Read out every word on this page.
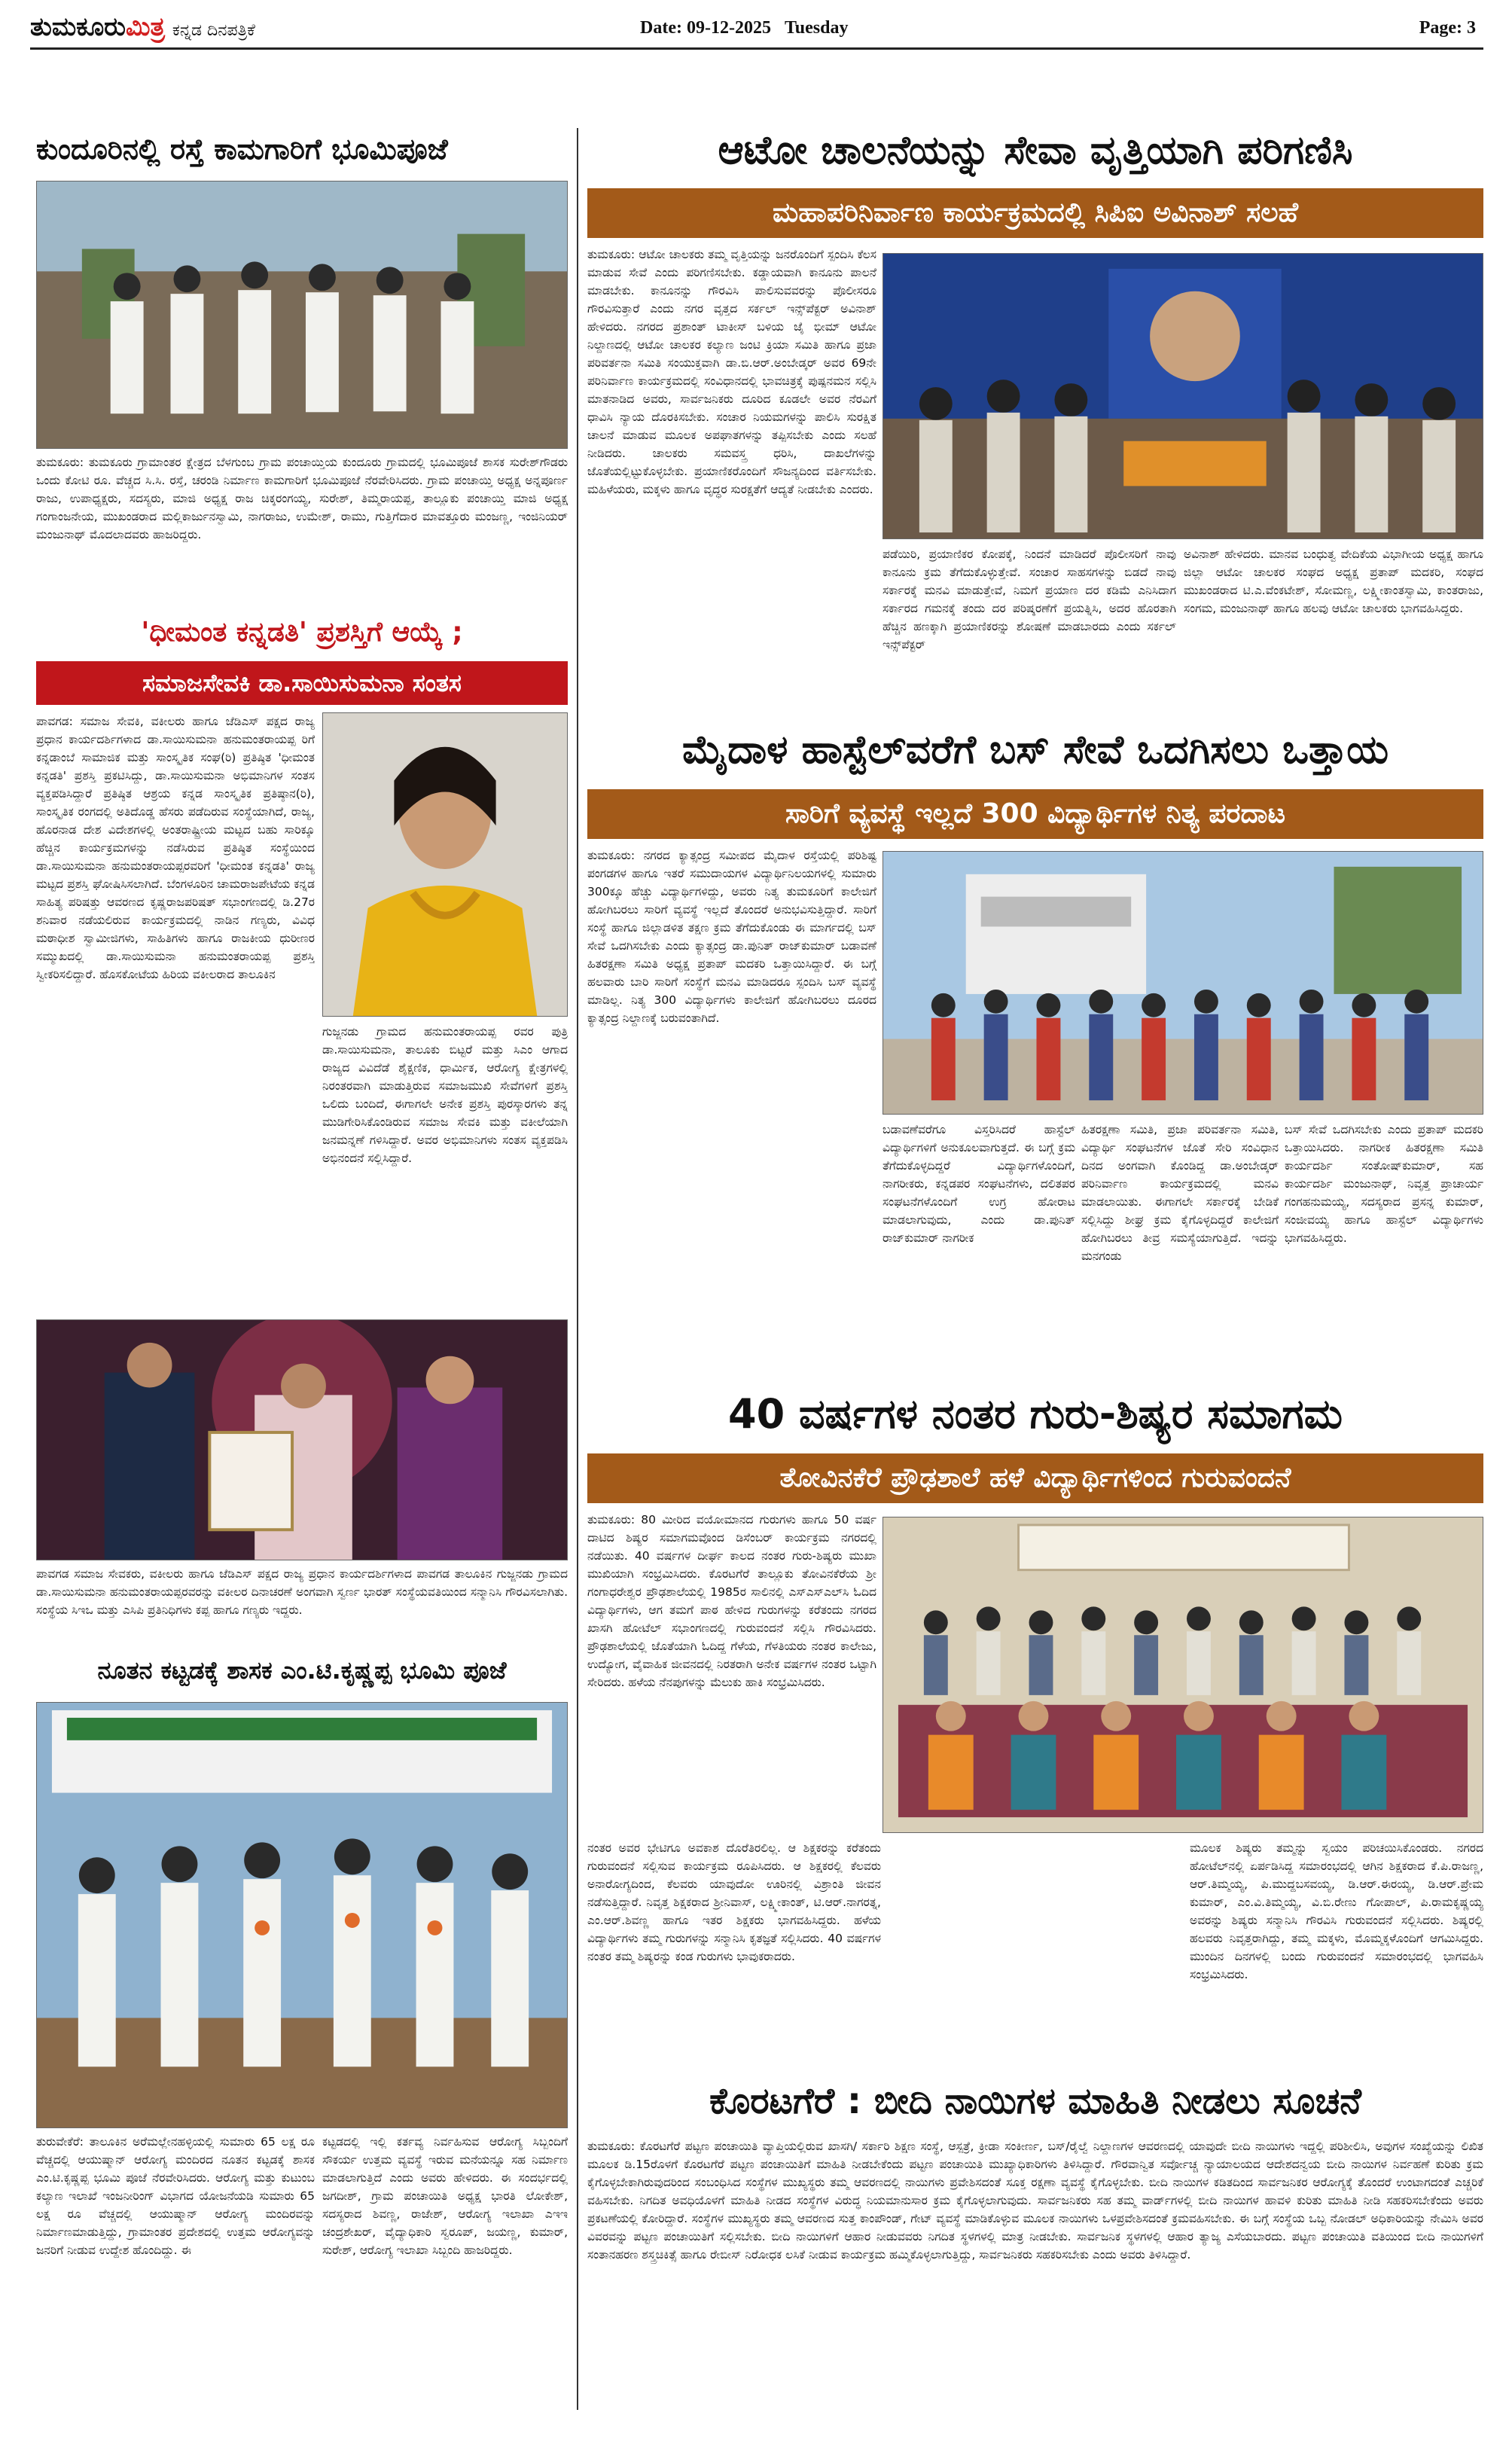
ತುಮಕೂರುಮಿತ್ರ ಕನ್ನಡ ದಿನಪತ್ರಿಕೆ	Date: 09-12-2025 Tuesday	Page: 3
ಕುಂದೂರಿನಲ್ಲಿ ರಸ್ತೆ ಕಾಮಗಾರಿಗೆ ಭೂಮಿಪೂಜೆ
ತುಮಕೂರು: ತುಮಕೂರು ಗ್ರಾಮಾಂತರ ಕ್ಷೇತ್ರದ ಬೆಳಗುಂಬ ಗ್ರಾಮ ಪಂಚಾಯ್ತಿಯ ಕುಂದೂರು ಗ್ರಾಮದಲ್ಲಿ ಭೂಮಿಪೂಜೆ ಶಾಸಕ ಸುರೇಶ್‌ಗೌಡರು ಒಂದು ಕೋಟಿ ರೂ. ವೆಚ್ಚದ ಸಿ.ಸಿ. ರಸ್ತೆ, ಚರಂಡಿ ನಿರ್ಮಾಣ ಕಾಮಗಾರಿಗೆ ಭೂಮಿಪೂಜೆ ನೆರವೇರಿಸಿದರು. ಗ್ರಾಮ ಪಂಚಾಯ್ತಿ ಅಧ್ಯಕ್ಷ ಅನ್ನಪೂರ್ಣ ರಾಜು, ಉಪಾಧ್ಯಕ್ಷರು, ಸದಸ್ಯರು, ಮಾಜಿ ಅಧ್ಯಕ್ಷ ರಾಜ ಚಿಕ್ಕರಂಗಯ್ಯ, ಸುರೇಶ್, ತಿಮ್ಮರಾಯಪ್ಪ, ತಾಲ್ಲೂಕು ಪಂಚಾಯ್ತಿ ಮಾಜಿ ಅಧ್ಯಕ್ಷ ಗಂಗಾಂಜನೇಯ, ಮುಖಂಡರಾದ ಮಲ್ಲಿಕಾರ್ಜುನಸ್ವಾಮಿ, ನಾಗರಾಜು, ಉಮೇಶ್, ರಾಮು, ಗುತ್ತಿಗೆದಾರ ಮಾವತ್ತೂರು ಮಂಜಣ್ಣ, ಇಂಜಿನಿಯರ್ ಮಂಜುನಾಥ್ ಮೊದಲಾದವರು ಹಾಜರಿದ್ದರು.
'ಧೀಮಂತ ಕನ್ನಡತಿ' ಪ್ರಶಸ್ತಿಗೆ ಆಯ್ಕೆ ;
ಸಮಾಜಸೇವಕಿ ಡಾ.ಸಾಯಿಸುಮನಾ ಸಂತಸ
ಪಾವಗಡ: ಸಮಾಜ ಸೇವಕಿ, ವಕೀಲರು ಹಾಗೂ ಜೆಡಿಎಸ್ ಪಕ್ಷದ ರಾಜ್ಯ ಪ್ರಧಾನ ಕಾರ್ಯದರ್ಶಿಗಳಾದ ಡಾ.ಸಾಯಿಸುಮನಾ ಹನುಮಂತರಾಯಪ್ಪ ರಿಗೆ ಕನ್ನಡಾಂಬೆ ಸಾಮಾಜಿಕ ಮತ್ತು ಸಾಂಸ್ಕೃತಿಕ ಸಂಘ(ರಿ) ಪ್ರತಿಷ್ಠಿತ 'ಧೀಮಂತ ಕನ್ನಡತಿ' ಪ್ರಶಸ್ತಿ ಪ್ರಕಟಿಸಿದ್ದು, ಡಾ.ಸಾಯಿಸುಮನಾ ಅಭಿಮಾನಿಗಳ ಸಂತಸ ವ್ಯಕ್ತಪಡಿಸಿದ್ದಾರೆ ಪ್ರತಿಷ್ಠಿತ ಆಶ್ರಯ ಕನ್ನಡ ಸಾಂಸ್ಕೃತಿಕ ಪ್ರತಿಷ್ಠಾನ(ರಿ), ಸಾಂಸ್ಕೃತಿಕ ರಂಗದಲ್ಲಿ ಅತಿದೊಡ್ಡ ಹೆಸರು ಪಡೆದಿರುವ ಸಂಸ್ಥೆಯಾಗಿದೆ, ರಾಜ್ಯ, ಹೊರನಾಡ ದೇಶ ವಿದೇಶಗಳಲ್ಲಿ ಅಂತರಾಷ್ಟ್ರೀಯ ಮಟ್ಟದ ಬಹು ಸಾರಿಕ್ಕೂ ಹೆಚ್ಚಿನ ಕಾರ್ಯಕ್ರಮಗಳನ್ನು ನಡೆಸಿರುವ ಪ್ರತಿಷ್ಠಿತ ಸಂಸ್ಥೆಯಿಂದ ಡಾ.ಸಾಯಿಸುಮನಾ ಹನುಮಂತರಾಯಪ್ಪರವರಿಗೆ 'ಧೀಮಂತ ಕನ್ನಡತಿ' ರಾಜ್ಯ ಮಟ್ಟದ ಪ್ರಶಸ್ತಿ ಘೋಷಿಸಿಸಲಾಗಿದೆ. ಬೆಂಗಳೂರಿನ ಚಾಮರಾಜಪೇಟೆಯ ಕನ್ನಡ ಸಾಹಿತ್ಯ ಪರಿಷತ್ತು ಆವರಣದ ಕೃಷ್ಣರಾಜಪರಿಷತ್ ಸಭಾಂಗಣದಲ್ಲಿ ಡಿ.27ರ ಶನಿವಾರ ನಡೆಯಲಿರುವ ಕಾರ್ಯಕ್ರಮದಲ್ಲಿ ನಾಡಿನ ಗಣ್ಯರು, ವಿವಿಧ ಮಠಾಧೀಶ ಸ್ವಾಮೀಜಿಗಳು, ಸಾಹಿತಿಗಳು ಹಾಗೂ ರಾಜಕೀಯ ಧುರೀಣರ ಸಮ್ಮುಖದಲ್ಲಿ ಡಾ.ಸಾಯಿಸುಮನಾ ಹನುಮಂತರಾಯಪ್ಪ ಪ್ರಶಸ್ತಿ ಸ್ವೀಕರಿಸಲಿದ್ದಾರೆ. ಹೊಸಕೋಟೆಯ ಹಿರಿಯ ವಕೀಲರಾದ ತಾಲೂಕಿನ
ಗುಜ್ಜನಡು ಗ್ರಾಮದ ಹನುಮಂತರಾಯಪ್ಪ ರವರ ಪುತ್ರಿ ಡಾ.ಸಾಯಿಸುಮನಾ, ತಾಲೂಕು ಬಿಟ್ಟರೆ ಮತ್ತು ಸಿಎಂ ಆಗಾದ ರಾಜ್ಯದ ವಿವಿದೆಡೆ ಶೈಕ್ಷಣಿಕ, ಧಾರ್ಮಿಕ, ಆರೋಗ್ಯ ಕ್ಷೇತ್ರಗಳಲ್ಲಿ ನಿರಂತರವಾಗಿ ಮಾಡುತ್ತಿರುವ ಸಮಾಜಮುಖಿ ಸೇವೆಗಳಿಗೆ ಪ್ರಶಸ್ತಿ ಒಲಿದು ಬಂದಿದೆ, ಈಗಾಗಲೇ ಅನೇಕ ಪ್ರಶಸ್ತಿ ಪುರಸ್ಕಾರಗಳು ತನ್ನ ಮುಡಿಗೇರಿಸಿಕೊಂಡಿರುವ ಸಮಾಜ ಸೇವಕಿ ಮತ್ತು ವಕೀಲೆಯಾಗಿ ಜನಮನ್ನಣೆ ಗಳಿಸಿದ್ದಾರೆ. ಅವರ ಅಭಿಮಾನಿಗಳು ಸಂತಸ ವ್ಯಕ್ತಪಡಿಸಿ ಅಭಿನಂದನೆ ಸಲ್ಲಿಸಿದ್ದಾರೆ.
ಪಾವಗಡ ಸಮಾಜ ಸೇವಕರು, ವಕೀಲರು ಹಾಗೂ ಜೆಡಿಎಸ್ ಪಕ್ಷದ ರಾಜ್ಯ ಪ್ರಧಾನ ಕಾರ್ಯದರ್ಶಿಗಳಾದ ಪಾವಗಡ ತಾಲೂಕಿನ ಗುಜ್ಜನಡು ಗ್ರಾಮದ ಡಾ.ಸಾಯಿಸುಮನಾ ಹನುಮಂತರಾಯಪ್ಪರವರನ್ನು ವಕೀಲರ ದಿನಾಚರಣೆ ಅಂಗವಾಗಿ ಸ್ವರ್ಣ ಭಾರತ್ ಸಂಸ್ಥೆಯವತಿಯಿಂದ ಸನ್ಮಾನಿಸಿ ಗೌರವಿಸಲಾಗಿತು. ಸಂಸ್ಥೆಯ ಸಿಇಒ ಮತ್ತು ಎಸಿಪಿ ಪ್ರತಿನಿಧಿಗಳು ಕಪ್ಪ ಹಾಗೂ ಗಣ್ಯರು ಇದ್ದರು.
ನೂತನ ಕಟ್ಟಡಕ್ಕೆ ಶಾಸಕ ಎಂ.ಟಿ.ಕೃಷ್ಣಪ್ಪ ಭೂಮಿ ಪೂಜೆ
ತುರುವೇಕೆರೆ: ತಾಲೂಕಿನ ಅರೆಮಲ್ಲೇನಹಳ್ಳಿಯಲ್ಲಿ ಸುಮಾರು 65 ಲಕ್ಷ ರೂ ವೆಚ್ಚದಲ್ಲಿ ಆಯುಷ್ಮಾನ್ ಆರೋಗ್ಯ ಮಂದಿರದ ನೂತನ ಕಟ್ಟಡಕ್ಕೆ ಶಾಸಕ ಎಂ.ಟಿ.ಕೃಷ್ಣಪ್ಪ ಭೂಮಿ ಪೂಜೆ ನೆರವೇರಿಸಿದರು. ಆರೋಗ್ಯ ಮತ್ತು ಕುಟುಂಬ ಕಲ್ಯಾಣ ಇಲಾಖೆ ಇಂಜನೀರಿಂಗ್ ವಿಭಾಗದ ಯೋಜನೆಯಡಿ ಸುಮಾರು 65 ಲಕ್ಷ ರೂ ವೆಚ್ಚದಲ್ಲಿ ಆಯುಷ್ಮಾನ್ ಆರೋಗ್ಯ ಮಂದಿರವನ್ನು ನಿರ್ಮಾಣಮಾಡುತ್ತಿದ್ದು, ಗ್ರಾಮಾಂತರ ಪ್ರದೇಶದಲ್ಲಿ ಉತ್ತಮ ಆರೋಗ್ಯವನ್ನು ಜನರಿಗೆ ನೀಡುವ ಉದ್ದೇಶ ಹೊಂದಿದ್ದು. ಈ
ಕಟ್ಟಡದಲ್ಲಿ ಇಲ್ಲಿ ಕರ್ತವ್ಯ ನಿರ್ವಹಿಸುವ ಆರೋಗ್ಯ ಸಿಬ್ಬಂದಿಗೆ ಸೌಕರ್ಯ ಉತ್ತಮ ವ್ಯವಸ್ಥೆ ಇರುವ ಮನೆಯನ್ನೂ ಸಹ ನಿರ್ಮಾಣ ಮಾಡಲಾಗುತ್ತಿದೆ ಎಂದು ಅವರು ಹೇಳಿದರು. ಈ ಸಂದರ್ಭದಲ್ಲಿ ಜಗದೀಶ್, ಗ್ರಾಮ ಪಂಚಾಯಿತಿ ಅಧ್ಯಕ್ಷ ಭಾರತಿ ಲೋಕೇಶ್, ಸದಸ್ಯರಾದ ಶಿವಣ್ಣ, ರಾಜೇಶ್, ಆರೋಗ್ಯ ಇಲಾಖಾ ಎಇಇ ಚಂದ್ರಶೇಖರ್, ವೈದ್ಯಾಧಿಕಾರಿ ಸ್ವರೂಪ್, ಜಯಣ್ಣ, ಕುಮಾರ್, ಸುರೇಶ್, ಆರೋಗ್ಯ ಇಲಾಖಾ ಸಿಬ್ಬಂದಿ ಹಾಜರಿದ್ದರು.
ಆಟೋ ಚಾಲನೆಯನ್ನು ಸೇವಾ ವೃತ್ತಿಯಾಗಿ ಪರಿಗಣಿಸಿ
ಮಹಾಪರಿನಿರ್ವಾಣ ಕಾರ್ಯಕ್ರಮದಲ್ಲಿ ಸಿಪಿಐ ಅವಿನಾಶ್ ಸಲಹೆ
ತುಮಕೂರು: ಆಟೋ ಚಾಲಕರು ತಮ್ಮ ವೃತ್ತಿಯನ್ನು ಜನರೊಂದಿಗೆ ಸ್ಪಂದಿಸಿ ಕೆಲಸ ಮಾಡುವ ಸೇವೆ ಎಂದು ಪರಿಗಣಿಸಬೇಕು. ಕಡ್ಡಾಯವಾಗಿ ಕಾನೂನು ಪಾಲನೆ ಮಾಡಬೇಕು. ಕಾನೂನನ್ನು ಗೌರವಿಸಿ ಪಾಲಿಸುವವರನ್ನು ಪೊಲೀಸರೂ ಗೌರವಿಸುತ್ತಾರೆ ಎಂದು ನಗರ ವೃತ್ತದ ಸರ್ಕಲ್ ಇನ್ಸ್‌ಪೆಕ್ಟರ್ ಅವಿನಾಶ್ ಹೇಳಿದರು. ನಗರದ ಪ್ರಶಾಂತ್ ಟಾಕೀಸ್ ಬಳಿಯ ಜೈ ಭೀಮ್ ಆಟೋ ನಿಲ್ದಾಣದಲ್ಲಿ ಆಟೋ ಚಾಲಕರ ಕಲ್ಯಾಣ ಜಂಟಿ ಕ್ರಿಯಾ ಸಮಿತಿ ಹಾಗೂ ಪ್ರಜಾ ಪರಿವರ್ತನಾ ಸಮಿತಿ ಸಂಯುಕ್ತವಾಗಿ ಡಾ.ಬಿ.ಆರ್.ಅಂಬೇಡ್ಕರ್ ಅವರ 69ನೇ ಪರಿನಿರ್ವಾಣ ಕಾರ್ಯಕ್ರಮದಲ್ಲಿ ಸಂವಿಧಾನದಲ್ಲಿ ಭಾವಚಿತ್ರಕ್ಕೆ ಪುಷ್ಪನಮನ ಸಲ್ಲಿಸಿ ಮಾತನಾಡಿದ ಅವರು, ಸಾರ್ವಜನಿಕರು ದೂರಿದ ಕೂಡಲೇ ಅವರ ನೆರವಿಗೆ ಧಾವಿಸಿ ನ್ಯಾಯ ದೊರಕಿಸಬೇಕು. ಸಂಚಾರ ನಿಯಮಗಳನ್ನು ಪಾಲಿಸಿ ಸುರಕ್ಷಿತ ಚಾಲನೆ ಮಾಡುವ ಮೂಲಕ ಅಪಘಾತಗಳನ್ನು ತಪ್ಪಿಸಬೇಕು ಎಂದು ಸಲಹೆ ನೀಡಿದರು. ಚಾಲಕರು ಸಮವಸ್ತ್ರ ಧರಿಸಿ, ದಾಖಲೆಗಳನ್ನು ಜೊತೆಯಲ್ಲಿಟ್ಟುಕೊಳ್ಳಬೇಕು. ಪ್ರಯಾಣಿಕರೊಂದಿಗೆ ಸೌಜನ್ಯದಿಂದ ವರ್ತಿಸಬೇಕು. ಮಹಿಳೆಯರು, ಮಕ್ಕಳು ಹಾಗೂ ವೃದ್ಧರ ಸುರಕ್ಷತೆಗೆ ಆದ್ಯತೆ ನೀಡಬೇಕು ಎಂದರು.
ಪಡೆಯಿರಿ, ಪ್ರಯಾಣಿಕರ ಕೋಪಕ್ಕೆ, ನಿಂದನೆ ಮಾಡಿದರೆ ಪೊಲೀಸರಿಗೆ ನಾವು ಕಾನೂನು ಕ್ರಮ ತೆಗೆದುಕೊಳ್ಳುತ್ತೇವೆ. ಸಂಚಾರ ಸಾಹಸಗಳನ್ನು ಬಿಡದೆ ನಾವು ಸರ್ಕಾರಕ್ಕೆ ಮನವಿ ಮಾಡುತ್ತೇವೆ, ನಿಮಗೆ ಪ್ರಯಾಣ ದರ ಕಡಿಮೆ ಎನಿಸಿದಾಗ ಸರ್ಕಾರದ ಗಮನಕ್ಕೆ ತಂದು ದರ ಪರಿಷ್ಕರಣೆಗೆ ಪ್ರಯತ್ನಿಸಿ, ಅದರ ಹೊರತಾಗಿ ಹೆಚ್ಚಿನ ಹಣಕ್ಕಾಗಿ ಪ್ರಯಾಣಿಕರನ್ನು ಶೋಷಣೆ ಮಾಡಬಾರದು ಎಂದು ಸರ್ಕಲ್ ಇನ್ಸ್‌ಪೆಕ್ಟರ್
ಅವಿನಾಶ್ ಹೇಳಿದರು. ಮಾನವ ಬಂಧುತ್ವ ವೇದಿಕೆಯ ವಿಭಾಗೀಯ ಅಧ್ಯಕ್ಷ ಹಾಗೂ ಜಿಲ್ಲಾ ಆಟೋ ಚಾಲಕರ ಸಂಘದ ಅಧ್ಯಕ್ಷ ಪ್ರತಾಪ್ ಮದಕರಿ, ಸಂಘದ ಮುಖಂಡರಾದ ಟಿ.ಎ.ವೆಂಕಟೇಶ್, ಸೋಮಣ್ಣ, ಲಕ್ಷ್ಮೀಕಾಂತಸ್ವಾಮಿ, ಕಾಂತರಾಜು, ಸಂಗಮ, ಮಂಜುನಾಥ್ ಹಾಗೂ ಹಲವು ಆಟೋ ಚಾಲಕರು ಭಾಗವಹಿಸಿದ್ದರು.
ಮೈದಾಳ ಹಾಸ್ಟೆಲ್‌ವರೆಗೆ ಬಸ್ ಸೇವೆ ಒದಗಿಸಲು ಒತ್ತಾಯ
ಸಾರಿಗೆ ವ್ಯವಸ್ಥೆ ಇಲ್ಲದೆ 300 ವಿದ್ಯಾರ್ಥಿಗಳ ನಿತ್ಯ ಪರದಾಟ
ತುಮಕೂರು: ನಗರದ ಕ್ಯಾತ್ಸಂದ್ರ ಸಮೀಪದ ಮೈದಾಳ ರಸ್ತೆಯಲ್ಲಿ ಪರಿಶಿಷ್ಟ ಪಂಗಡಗಳ ಹಾಗೂ ಇತರೆ ಸಮುದಾಯಗಳ ವಿದ್ಯಾರ್ಥಿನಿಲಯಗಳಲ್ಲಿ ಸುಮಾರು 300ಕ್ಕೂ ಹೆಚ್ಚು ವಿದ್ಯಾರ್ಥಿಗಳಿದ್ದು, ಅವರು ನಿತ್ಯ ತುಮಕೂರಿಗೆ ಕಾಲೇಜಿಗೆ ಹೋಗಿಬರಲು ಸಾರಿಗೆ ವ್ಯವಸ್ಥೆ ಇಲ್ಲದೆ ತೊಂದರೆ ಅನುಭವಿಸುತ್ತಿದ್ದಾರೆ. ಸಾರಿಗೆ ಸಂಸ್ಥೆ ಹಾಗೂ ಜಿಲ್ಲಾಡಳಿತ ತಕ್ಷಣ ಕ್ರಮ ತೆಗೆದುಕೊಂಡು ಈ ಮಾರ್ಗದಲ್ಲಿ ಬಸ್ ಸೇವೆ ಒದಗಿಸಬೇಕು ಎಂದು ಕ್ಯಾತ್ಸಂದ್ರ ಡಾ.ಪುನಿತ್ ರಾಜ್‌ಕುಮಾರ್ ಬಡಾವಣೆ ಹಿತರಕ್ಷಣಾ ಸಮಿತಿ ಅಧ್ಯಕ್ಷ ಪ್ರತಾಪ್ ಮದಕರಿ ಒತ್ತಾಯಿಸಿದ್ದಾರೆ. ಈ ಬಗ್ಗೆ ಹಲವಾರು ಬಾರಿ ಸಾರಿಗೆ ಸಂಸ್ಥೆಗೆ ಮನವಿ ಮಾಡಿದರೂ ಸ್ಪಂದಿಸಿ ಬಸ್ ವ್ಯವಸ್ಥೆ ಮಾಡಿಲ್ಲ. ನಿತ್ಯ 300 ವಿದ್ಯಾರ್ಥಿಗಳು ಕಾಲೇಜಿಗೆ ಹೋಗಿಬರಲು ದೂರದ ಕ್ಯಾತ್ಸಂದ್ರ ನಿಲ್ದಾಣಕ್ಕೆ ಬರುವಂತಾಗಿದೆ.
ಬಡಾವಣೆವರೆಗೂ ವಿಸ್ತರಿಸಿದರೆ ಹಾಸ್ಟೆಲ್ ವಿದ್ಯಾರ್ಥಿಗಳಿಗೆ ಅನುಕೂಲವಾಗುತ್ತದೆ. ಈ ಬಗ್ಗೆ ಕ್ರಮ ತೆಗೆದುಕೊಳ್ಳದಿದ್ದರೆ ವಿದ್ಯಾರ್ಥಿಗಳೊಂದಿಗೆ, ನಾಗರೀಕರು, ಕನ್ನಡಪರ ಸಂಘಟನೆಗಳು, ದಲಿತಪರ ಸಂಘಟನೆಗಳೊಂದಿಗೆ ಉಗ್ರ ಹೋರಾಟ ಮಾಡಲಾಗುವುದು, ಎಂದು ಡಾ.ಪುನಿತ್ ರಾಜ್‌ಕುಮಾರ್ ನಾಗರೀಕ
ಹಿತರಕ್ಷಣಾ ಸಮಿತಿ, ಪ್ರಜಾ ಪರಿವರ್ತನಾ ಸಮಿತಿ, ವಿದ್ಯಾರ್ಥಿ ಸಂಘಟನೆಗಳ ಜೊತೆ ಸೇರಿ ಸಂವಿಧಾನ ದಿನದ ಅಂಗವಾಗಿ ಕೊಂಡಿದ್ದ ಡಾ.ಅಂಬೇಡ್ಕರ್ ಪರಿನಿರ್ವಾಣ ಕಾರ್ಯಕ್ರಮದಲ್ಲಿ ಮನವಿ ಮಾಡಲಾಯಿತು. ಈಗಾಗಲೇ ಸರ್ಕಾರಕ್ಕೆ ಬೇಡಿಕೆ ಸಲ್ಲಿಸಿದ್ದು ಶೀಘ್ರ ಕ್ರಮ ಕೈಗೊಳ್ಳದಿದ್ದರೆ ಕಾಲೇಜಿಗೆ ಹೋಗಿಬರಲು ತೀವ್ರ ಸಮಸ್ಯೆಯಾಗುತ್ತಿದೆ. ಇದನ್ನು ಮನಗಂಡು
ಬಸ್ ಸೇವೆ ಒದಗಿಸಬೇಕು ಎಂದು ಪ್ರತಾಪ್ ಮದಕರಿ ಒತ್ತಾಯಿಸಿದರು. ನಾಗರೀಕ ಹಿತರಕ್ಷಣಾ ಸಮಿತಿ ಕಾರ್ಯದರ್ಶಿ ಸಂತೋಷ್‌ಕುಮಾರ್, ಸಹ ಕಾರ್ಯದರ್ಶಿ ಮಂಜುನಾಥ್, ನಿವೃತ್ತ ಪ್ರಾಚಾರ್ಯ ಗಂಗಹನುಮಯ್ಯ, ಸದಸ್ಯರಾದ ಪ್ರಸನ್ನ ಕುಮಾರ್, ಸಂಜೀವಯ್ಯ ಹಾಗೂ ಹಾಸ್ಟೆಲ್ ವಿದ್ಯಾರ್ಥಿಗಳು ಭಾಗವಹಿಸಿದ್ದರು.
40 ವರ್ಷಗಳ ನಂತರ ಗುರು-ಶಿಷ್ಯರ ಸಮಾಗಮ
ತೋವಿನಕೆರೆ ಪ್ರೌಢಶಾಲೆ ಹಳೆ ವಿದ್ಯಾರ್ಥಿಗಳಿಂದ ಗುರುವಂದನೆ
ತುಮಕೂರು: 80 ಮೀರಿದ ವಯೋಮಾನದ ಗುರುಗಳು ಹಾಗೂ 50 ವರ್ಷ ದಾಟಿದ ಶಿಷ್ಯರ ಸಮಾಗಮವೊಂದ ಡಿಸೆಂಬರ್ ಕಾರ್ಯಕ್ರಮ ನಗರದಲ್ಲಿ ನಡೆಯಿತು. 40 ವರ್ಷಗಳ ದೀರ್ಘ ಕಾಲದ ನಂತರ ಗುರು-ಶಿಷ್ಯರು ಮುಖಾ ಮುಖಿಯಾಗಿ ಸಂಭ್ರಮಿಸಿದರು. ಕೊರಟಗೆರೆ ತಾಲ್ಲೂಕು ತೋವಿನಕೆರೆಯ ಶ್ರೀ ಗಂಗಾಧರೇಶ್ವರ ಪ್ರೌಢಶಾಲೆಯಲ್ಲಿ 1985ರ ಸಾಲಿನಲ್ಲಿ ಎಸ್‌ಎಸ್‌ಎಲ್‌ಸಿ ಓದಿದ ವಿದ್ಯಾರ್ಥಿಗಳು, ಆಗ ತಮಗೆ ಪಾಠ ಹೇಳಿದ ಗುರುಗಳನ್ನು ಕರೆತಂದು ನಗರದ ಖಾಸಗಿ ಹೋಟೆಲ್ ಸಭಾಂಗಣದಲ್ಲಿ ಗುರುವಂದನೆ ಸಲ್ಲಿಸಿ ಗೌರವಿಸಿದರು. ಪ್ರೌಢಶಾಲೆಯಲ್ಲಿ ಜೊತೆಯಾಗಿ ಓದಿದ್ದ ಗೆಳೆಯ, ಗೆಳತಿಯರು ನಂತರ ಕಾಲೇಜು, ಉದ್ಯೋಗ, ವೈವಾಹಿಕ ಜೀವನದಲ್ಲಿ ನಿರತರಾಗಿ ಅನೇಕ ವರ್ಷಗಳ ನಂತರ ಒಟ್ಟಾಗಿ ಸೇರಿದರು. ಹಳೆಯ ನೆನಪುಗಳನ್ನು ಮೆಲುಕು ಹಾಕಿ ಸಂಭ್ರಮಿಸಿದರು.
ನಂತರ ಅವರ ಭೇಟಿಗೂ ಅವಕಾಶ ದೊರೆತಿರಲಿಲ್ಲ. ಆ ಶಿಕ್ಷಕರನ್ನು ಕರೆತಂದು ಗುರುವಂದನೆ ಸಲ್ಲಿಸುವ ಕಾರ್ಯಕ್ರಮ ರೂಪಿಸಿದರು. ಆ ಶಿಕ್ಷಕರಲ್ಲಿ ಕೆಲವರು ಅನಾರೋಗ್ಯದಿಂದ, ಕೆಲವರು ಯಾವುದೋ ಊರಿನಲ್ಲಿ ವಿಶ್ರಾಂತಿ ಜೀವನ ನಡೆಸುತ್ತಿದ್ದಾರೆ. ನಿವೃತ್ತ ಶಿಕ್ಷಕರಾದ ಶ್ರೀನಿವಾಸ್, ಲಕ್ಷ್ಮೀಕಾಂತ್, ಟಿ.ಆರ್.ನಾಗರತ್ನ, ಎಂ.ಆರ್.ಶಿವಣ್ಣ ಹಾಗೂ ಇತರ ಶಿಕ್ಷಕರು ಭಾಗವಹಿಸಿದ್ದರು. ಹಳೆಯ ವಿದ್ಯಾರ್ಥಿಗಳು ತಮ್ಮ ಗುರುಗಳನ್ನು ಸನ್ಮಾನಿಸಿ ಕೃತಜ್ಞತೆ ಸಲ್ಲಿಸಿದರು. 40 ವರ್ಷಗಳ ನಂತರ ತಮ್ಮ ಶಿಷ್ಯರನ್ನು ಕಂಡ ಗುರುಗಳು ಭಾವುಕರಾದರು.
ಮೂಲಕ ಶಿಷ್ಯರು ತಮ್ಮನ್ನು ಸ್ವಯಂ ಪರಿಚಯಿಸಿಕೊಂಡರು. ನಗರದ ಹೋಟೆಲ್‌ನಲ್ಲಿ ಏರ್ಪಡಿಸಿದ್ದ ಸಮಾರಂಭದಲ್ಲಿ ಆಗಿನ ಶಿಕ್ಷಕರಾದ ಕೆ.ಪಿ.ರಾಜಣ್ಣ, ಆರ್.ತಿಮ್ಮಯ್ಯ, ಪಿ.ಮುದ್ದಬಸವಯ್ಯ, ಡಿ.ಆರ್.ಈರಯ್ಯ, ಡಿ.ಆರ್.ಪ್ರೇಮ ಕುಮಾರ್, ಎಂ.ವಿ.ತಿಮ್ಮಯ್ಯ, ವಿ.ಬಿ.ರೇಣು ಗೋಪಾಲ್, ಪಿ.ರಾಮಕೃಷ್ಣಯ್ಯ ಅವರನ್ನು ಶಿಷ್ಯರು ಸನ್ಮಾನಿಸಿ ಗೌರವಿಸಿ ಗುರುವಂದನೆ ಸಲ್ಲಿಸಿದರು. ಶಿಷ್ಯರಲ್ಲಿ ಹಲವರು ನಿವೃತ್ತರಾಗಿದ್ದು, ತಮ್ಮ ಮಕ್ಕಳು, ಮೊಮ್ಮಕ್ಕಳೊಂದಿಗೆ ಆಗಮಿಸಿದ್ದರು. ಮುಂದಿನ ದಿನಗಳಲ್ಲಿ ಬಂದು ಗುರುವಂದನೆ ಸಮಾರಂಭದಲ್ಲಿ ಭಾಗವಹಿಸಿ ಸಂಭ್ರಮಿಸಿದರು.
ಕೊರಟಗೆರೆ : ಬೀದಿ ನಾಯಿಗಳ ಮಾಹಿತಿ ನೀಡಲು ಸೂಚನೆ
ತುಮಕೂರು: ಕೊರಟಗೆರೆ ಪಟ್ಟಣ ಪಂಚಾಯಿತಿ ವ್ಯಾಪ್ತಿಯಲ್ಲಿರುವ ಖಾಸಗಿ/ ಸರ್ಕಾರಿ ಶಿಕ್ಷಣ ಸಂಸ್ಥೆ, ಆಸ್ಪತ್ರೆ, ಕ್ರೀಡಾ ಸಂಕೀರ್ಣ, ಬಸ್/ರೈಲ್ವೆ ನಿಲ್ದಾಣಗಳ ಆವರಣದಲ್ಲಿ ಯಾವುದೇ ಬೀದಿ ನಾಯಿಗಳು ಇದ್ದಲ್ಲಿ ಪರಿಶೀಲಿಸಿ, ಅವುಗಳ ಸಂಖ್ಯೆಯನ್ನು ಲಿಖಿತ ಮೂಲಕ ಡಿ.15ರೊಳಗೆ ಕೊರಟಗೆರೆ ಪಟ್ಟಣ ಪಂಚಾಯಿತಿಗೆ ಮಾಹಿತಿ ನೀಡಬೇಕೆಂದು ಪಟ್ಟಣ ಪಂಚಾಯಿತಿ ಮುಖ್ಯಾಧಿಕಾರಿಗಳು ತಿಳಿಸಿದ್ದಾರೆ. ಗೌರವಾನ್ವಿತ ಸರ್ವೋಚ್ಚ ನ್ಯಾಯಾಲಯದ ಆದೇಶದನ್ವಯ ಬೀದಿ ನಾಯಿಗಳ ನಿರ್ವಹಣೆ ಕುರಿತು ಕ್ರಮ ಕೈಗೊಳ್ಳಬೇಕಾಗಿರುವುದರಿಂದ ಸಂಬಂಧಿಸಿದ ಸಂಸ್ಥೆಗಳ ಮುಖ್ಯಸ್ಥರು ತಮ್ಮ ಆವರಣದಲ್ಲಿ ನಾಯಿಗಳು ಪ್ರವೇಶಿಸದಂತೆ ಸೂಕ್ತ ರಕ್ಷಣಾ ವ್ಯವಸ್ಥೆ ಕೈಗೊಳ್ಳಬೇಕು. ಬೀದಿ ನಾಯಿಗಳ ಕಡಿತದಿಂದ ಸಾರ್ವಜನಿಕರ ಆರೋಗ್ಯಕ್ಕೆ ತೊಂದರೆ ಉಂಟಾಗದಂತೆ ಎಚ್ಚರಿಕೆ ವಹಿಸಬೇಕು. ನಿಗದಿತ ಅವಧಿಯೊಳಗೆ ಮಾಹಿತಿ ನೀಡದ ಸಂಸ್ಥೆಗಳ ವಿರುದ್ಧ ನಿಯಮಾನುಸಾರ ಕ್ರಮ ಕೈಗೊಳ್ಳಲಾಗುವುದು. ಸಾರ್ವಜನಿಕರು ಸಹ ತಮ್ಮ ವಾರ್ಡ್‌ಗಳಲ್ಲಿ ಬೀದಿ ನಾಯಿಗಳ ಹಾವಳಿ ಕುರಿತು ಮಾಹಿತಿ ನೀಡಿ ಸಹಕರಿಸಬೇಕೆಂದು ಅವರು ಪ್ರಕಟಣೆಯಲ್ಲಿ ಕೋರಿದ್ದಾರೆ. ಸಂಸ್ಥೆಗಳ ಮುಖ್ಯಸ್ಥರು ತಮ್ಮ ಆವರಣದ ಸುತ್ತ ಕಾಂಪೌಂಡ್, ಗೇಟ್ ವ್ಯವಸ್ಥೆ ಮಾಡಿಕೊಳ್ಳುವ ಮೂಲಕ ನಾಯಿಗಳು ಒಳಪ್ರವೇಶಿಸದಂತೆ ಕ್ರಮವಹಿಸಬೇಕು. ಈ ಬಗ್ಗೆ ಸಂಸ್ಥೆಯ ಒಬ್ಬ ನೋಡಲ್ ಅಧಿಕಾರಿಯನ್ನು ನೇಮಿಸಿ ಅವರ ವಿವರವನ್ನು ಪಟ್ಟಣ ಪಂಚಾಯಿತಿಗೆ ಸಲ್ಲಿಸಬೇಕು. ಬೀದಿ ನಾಯಿಗಳಿಗೆ ಆಹಾರ ನೀಡುವವರು ನಿಗದಿತ ಸ್ಥಳಗಳಲ್ಲಿ ಮಾತ್ರ ನೀಡಬೇಕು. ಸಾರ್ವಜನಿಕ ಸ್ಥಳಗಳಲ್ಲಿ ಆಹಾರ ತ್ಯಾಜ್ಯ ಎಸೆಯಬಾರದು. ಪಟ್ಟಣ ಪಂಚಾಯಿತಿ ವತಿಯಿಂದ ಬೀದಿ ನಾಯಿಗಳಿಗೆ ಸಂತಾನಹರಣ ಶಸ್ತ್ರಚಿಕಿತ್ಸೆ ಹಾಗೂ ರೇಬೀಸ್ ನಿರೋಧಕ ಲಸಿಕೆ ನೀಡುವ ಕಾರ್ಯಕ್ರಮ ಹಮ್ಮಿಕೊಳ್ಳಲಾಗುತ್ತಿದ್ದು, ಸಾರ್ವಜನಿಕರು ಸಹಕರಿಸಬೇಕು ಎಂದು ಅವರು ತಿಳಿಸಿದ್ದಾರೆ.
